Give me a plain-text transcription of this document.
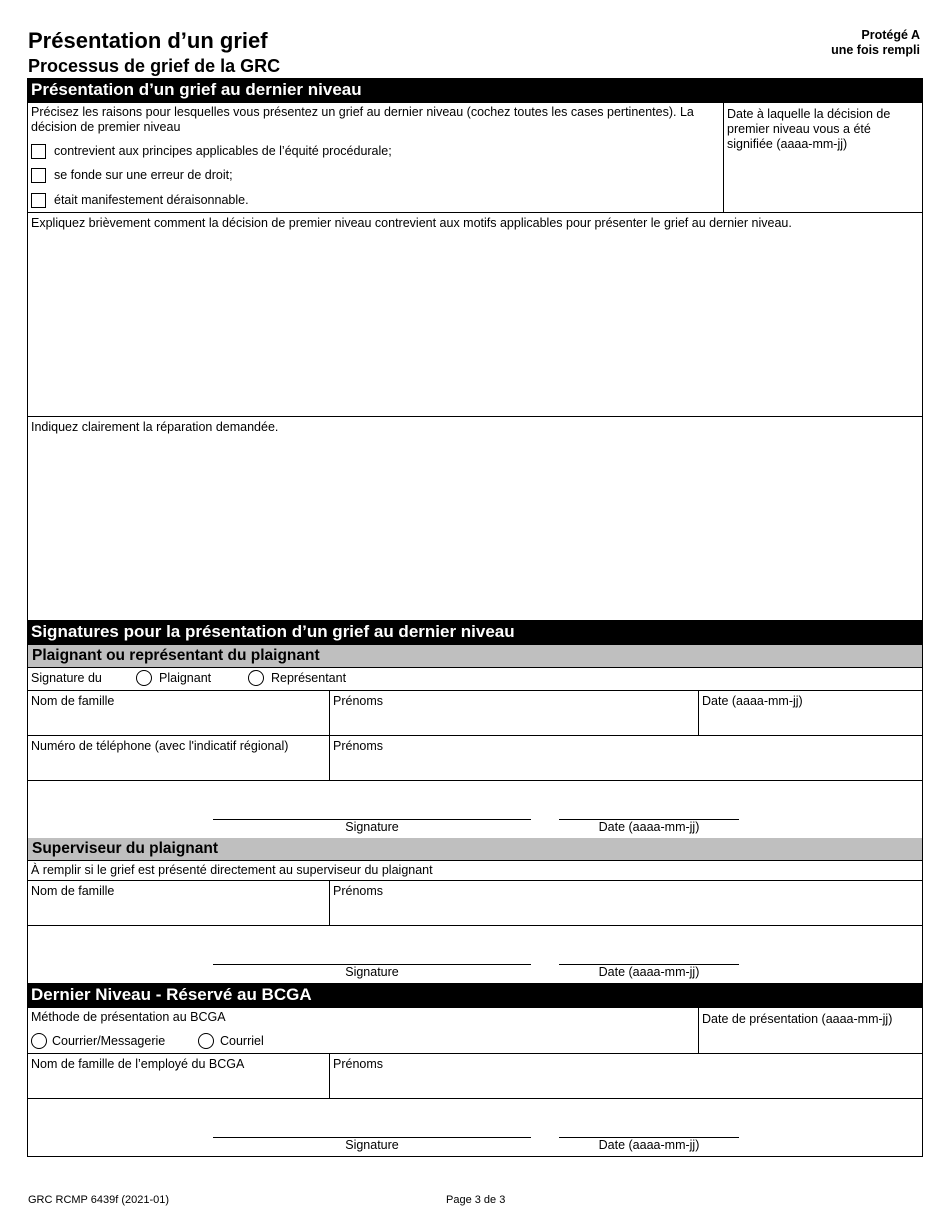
Présentation d’un grief
Processus de grief de la GRC
Protégé A
une fois rempli
Présentation d’un grief au dernier niveau
Précisez les raisons pour lesquelles vous présentez un grief au dernier niveau (cochez toutes les cases pertinentes). La décision de premier niveau
contrevient aux principes applicables de l’équité procédurale;
se fonde sur une erreur de droit;
était manifestement déraisonnable.
Date à laquelle la décision de premier niveau vous a été signifiée (aaaa-mm-jj)
Expliquez brièvement comment la décision de premier niveau contrevient aux motifs applicables pour présenter le grief au dernier niveau.
Indiquez clairement la réparation demandée.
Signatures pour la présentation d’un grief au dernier niveau
Plaignant ou représentant du plaignant
Signature du	Plaignant	Représentant
Nom de famille	Prénoms	Date (aaaa-mm-jj)
Numéro de téléphone (avec l'indicatif régional)	Prénoms
Signature	Date (aaaa-mm-jj)
Superviseur du plaignant
À remplir si le grief est présenté directement au superviseur du plaignant
Nom de famille	Prénoms
Signature	Date (aaaa-mm-jj)
Dernier Niveau - Réservé au BCGA
Méthode de présentation au BCGA
Courrier/Messagerie	Courriel
Date de présentation (aaaa-mm-jj)
Nom de famille de l’employé du BCGA	Prénoms
Signature	Date (aaaa-mm-jj)
GRC RCMP 6439f (2021-01)	Page 3 de 3
